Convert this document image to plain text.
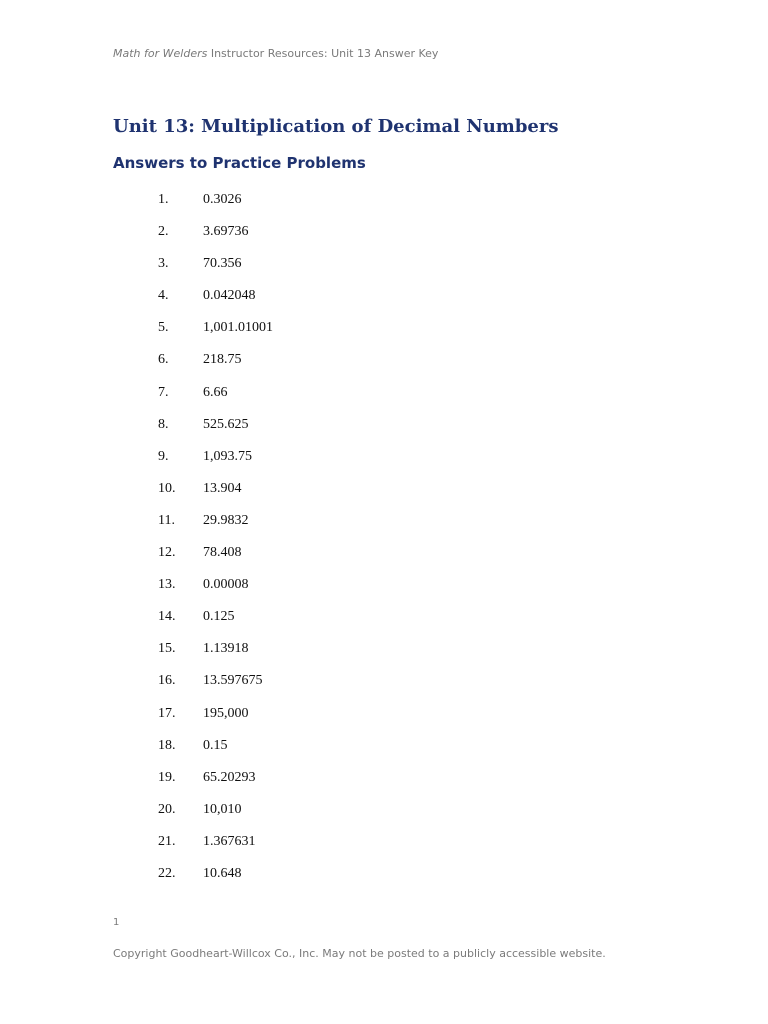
Math for Welders Instructor Resources: Unit 13 Answer Key
Unit 13: Multiplication of Decimal Numbers
Answers to Practice Problems
1. 0.3026
2. 3.69736
3. 70.356
4. 0.042048
5. 1,001.01001
6. 218.75
7. 6.66
8. 525.625
9. 1,093.75
10. 13.904
11. 29.9832
12. 78.408
13. 0.00008
14. 0.125
15. 1.13918
16. 13.597675
17. 195,000
18. 0.15
19. 65.20293
20. 10,010
21. 1.367631
22. 10.648
1
Copyright Goodheart-Willcox Co., Inc. May not be posted to a publicly accessible website.
